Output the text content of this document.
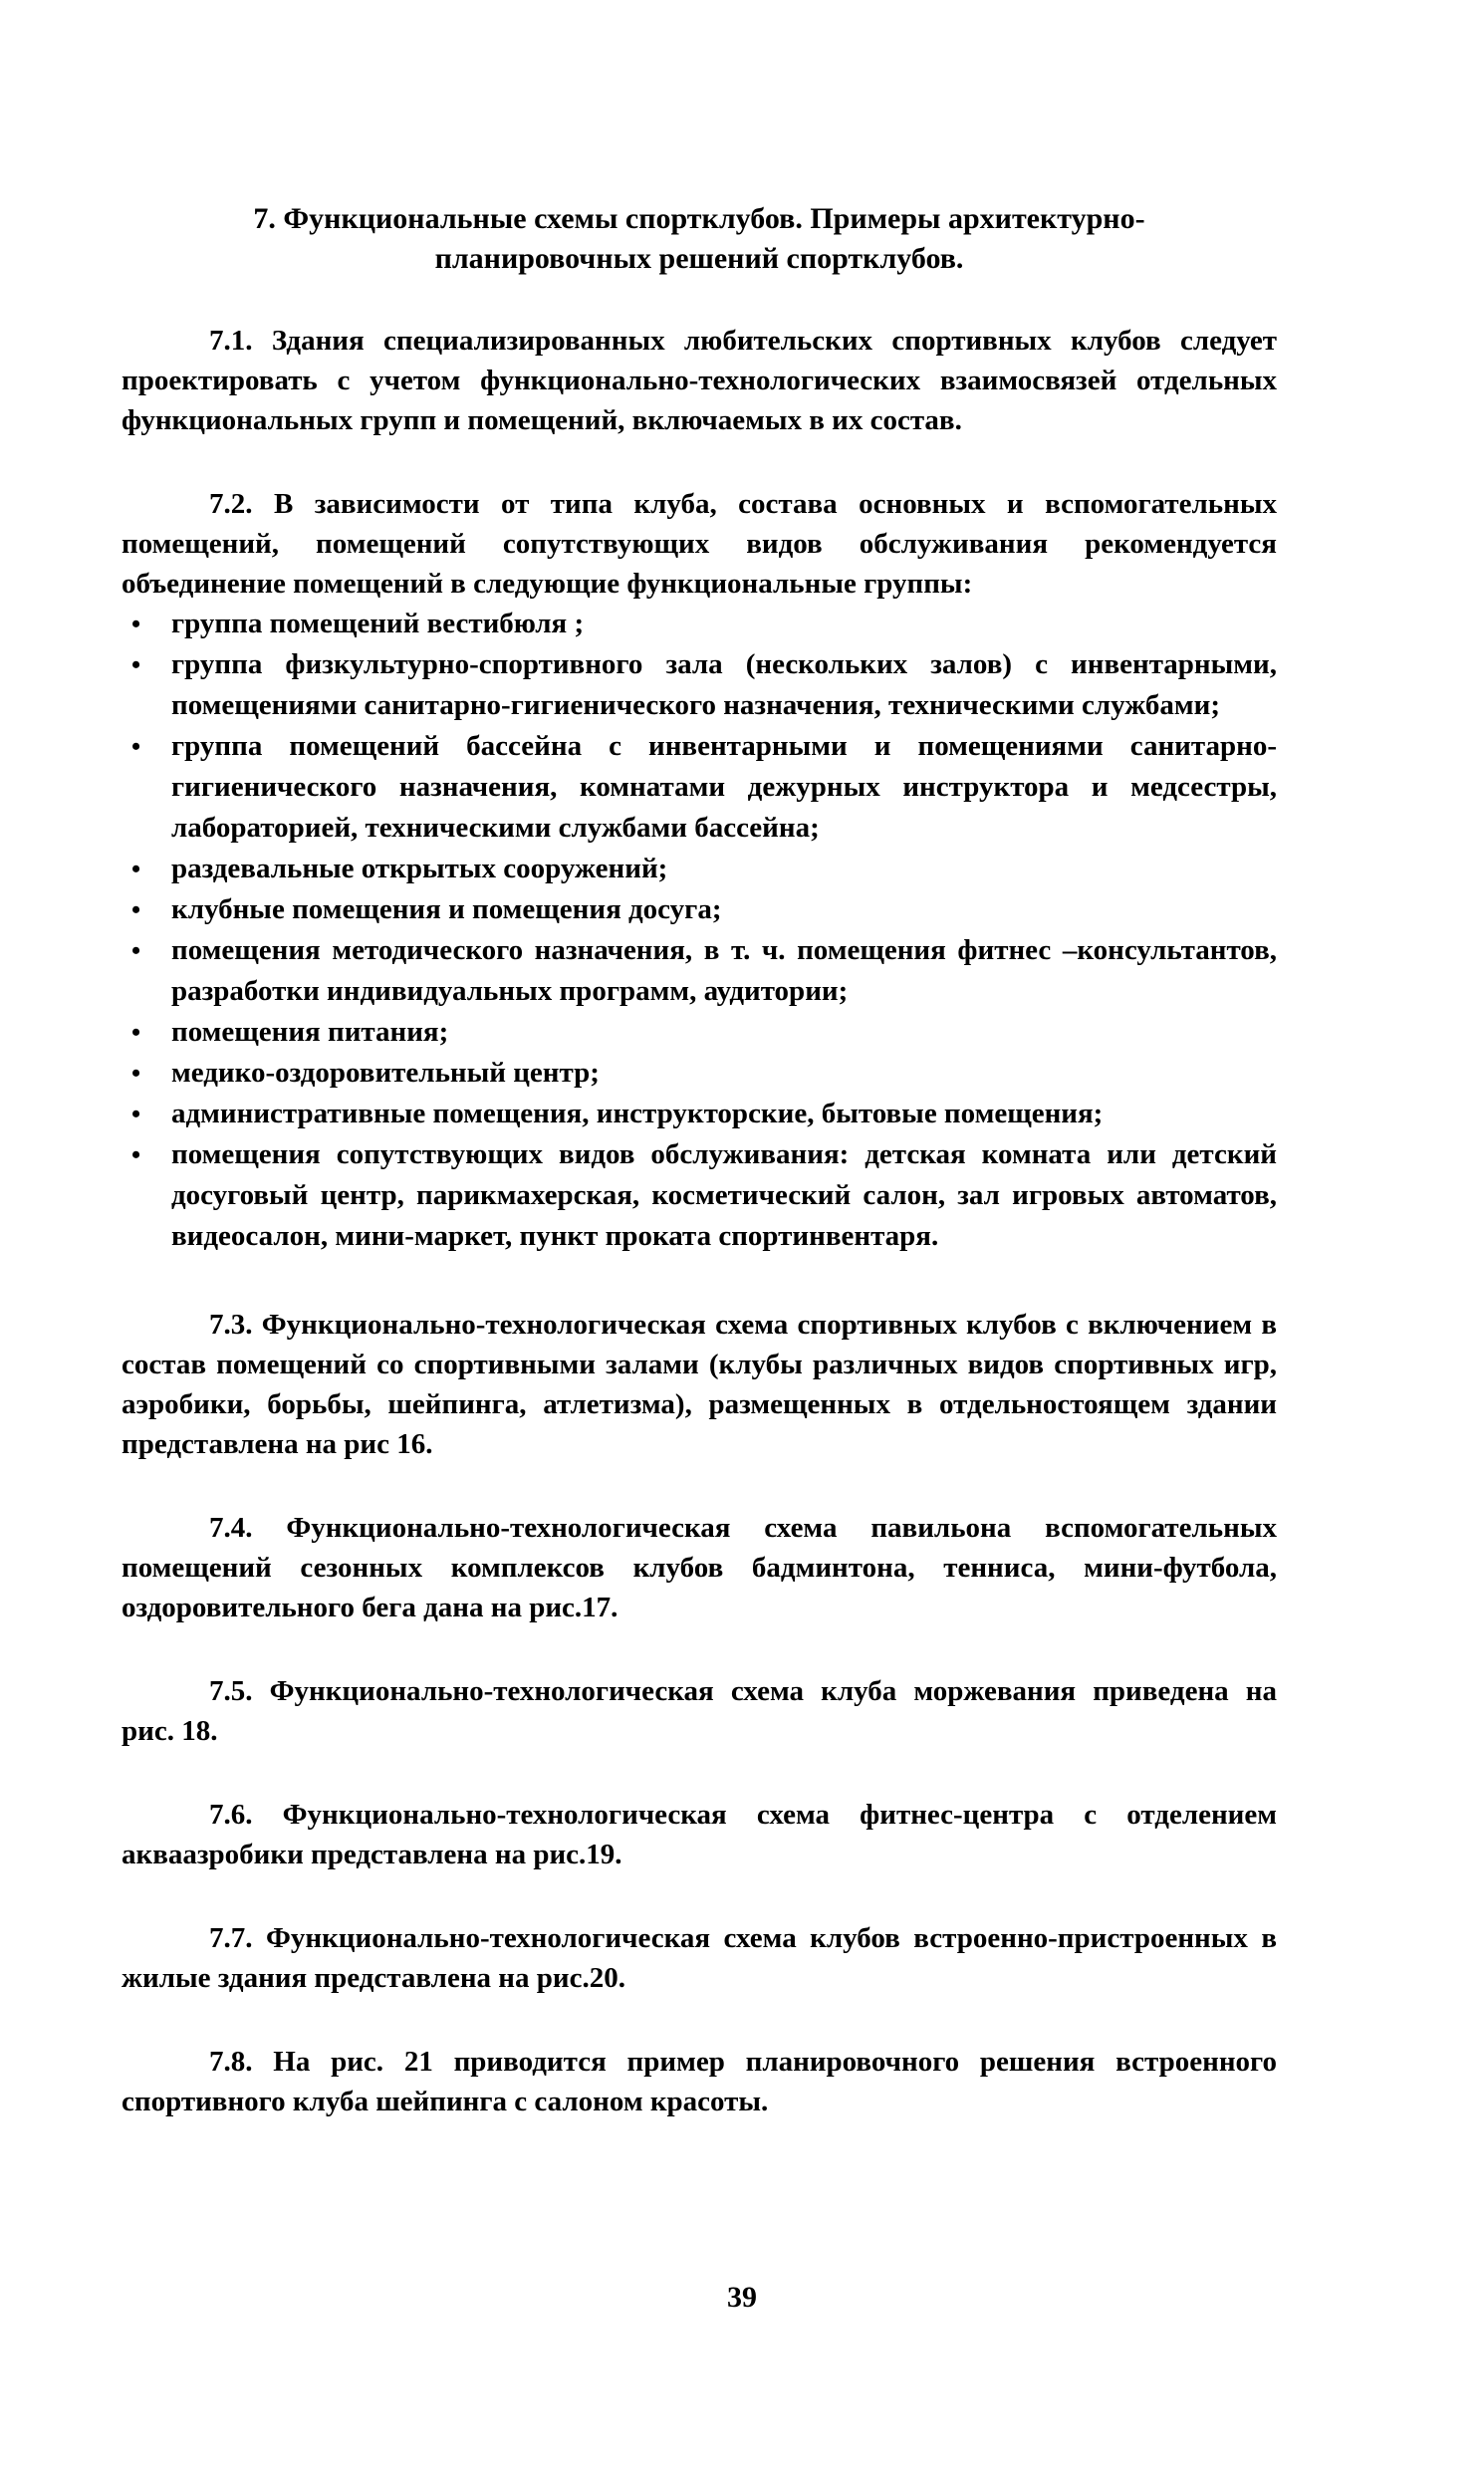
7. Функциональные схемы спортклубов. Примеры архитектурно-
планировочных решений спортклубов.

7.1. Здания специализированных любительских спортивных клубов следует проектировать с учетом функционально-технологических взаимосвязей отдельных функциональных групп и помещений, включаемых в их состав.

7.2. В зависимости от типа клуба, состава основных и вспомогательных помещений, помещений сопутствующих видов обслуживания рекомендуется объединение помещений в следующие функциональные группы:

• группа помещений вестибюля ;
• группа физкультурно-спортивного зала (нескольких залов) с инвентарными, помещениями санитарно-гигиенического назначения, техническими службами;
• группа помещений бассейна с инвентарными и помещениями санитарно-гигиенического назначения, комнатами дежурных инструктора и медсестры, лабораторией, техническими службами бассейна;
• раздевальные открытых сооружений;
• клубные помещения и помещения досуга;
• помещения методического назначения, в т. ч. помещения фитнес –консультантов, разработки индивидуальных программ, аудитории;
• помещения питания;
• медико-оздоровительный центр;
• административные помещения, инструкторские, бытовые помещения;
• помещения сопутствующих видов обслуживания: детская комната или детский досуговый центр, парикмахерская, косметический салон, зал игровых автоматов, видеосалон, мини-маркет, пункт проката спортинвентаря.

7.3. Функционально-технологическая схема спортивных клубов с включением в состав помещений со спортивными залами (клубы различных видов спортивных игр, аэробики, борьбы, шейпинга, атлетизма), размещенных в отдельностоящем здании представлена на рис 16.

7.4. Функционально-технологическая схема павильона вспомогательных помещений сезонных комплексов клубов бадминтона, тенниса, мини-футбола, оздоровительного бега дана на рис.17.

7.5. Функционально-технологическая схема клуба моржевания приведена на рис. 18.

7.6. Функционально-технологическая схема фитнес-центра с отделением акваазробики представлена на рис.19.

7.7. Функционально-технологическая схема клубов встроенно-пристроенных в жилые здания представлена на рис.20.

7.8. На рис. 21 приводится пример планировочного решения встроенного спортивного клуба шейпинга с салоном красоты.

39
